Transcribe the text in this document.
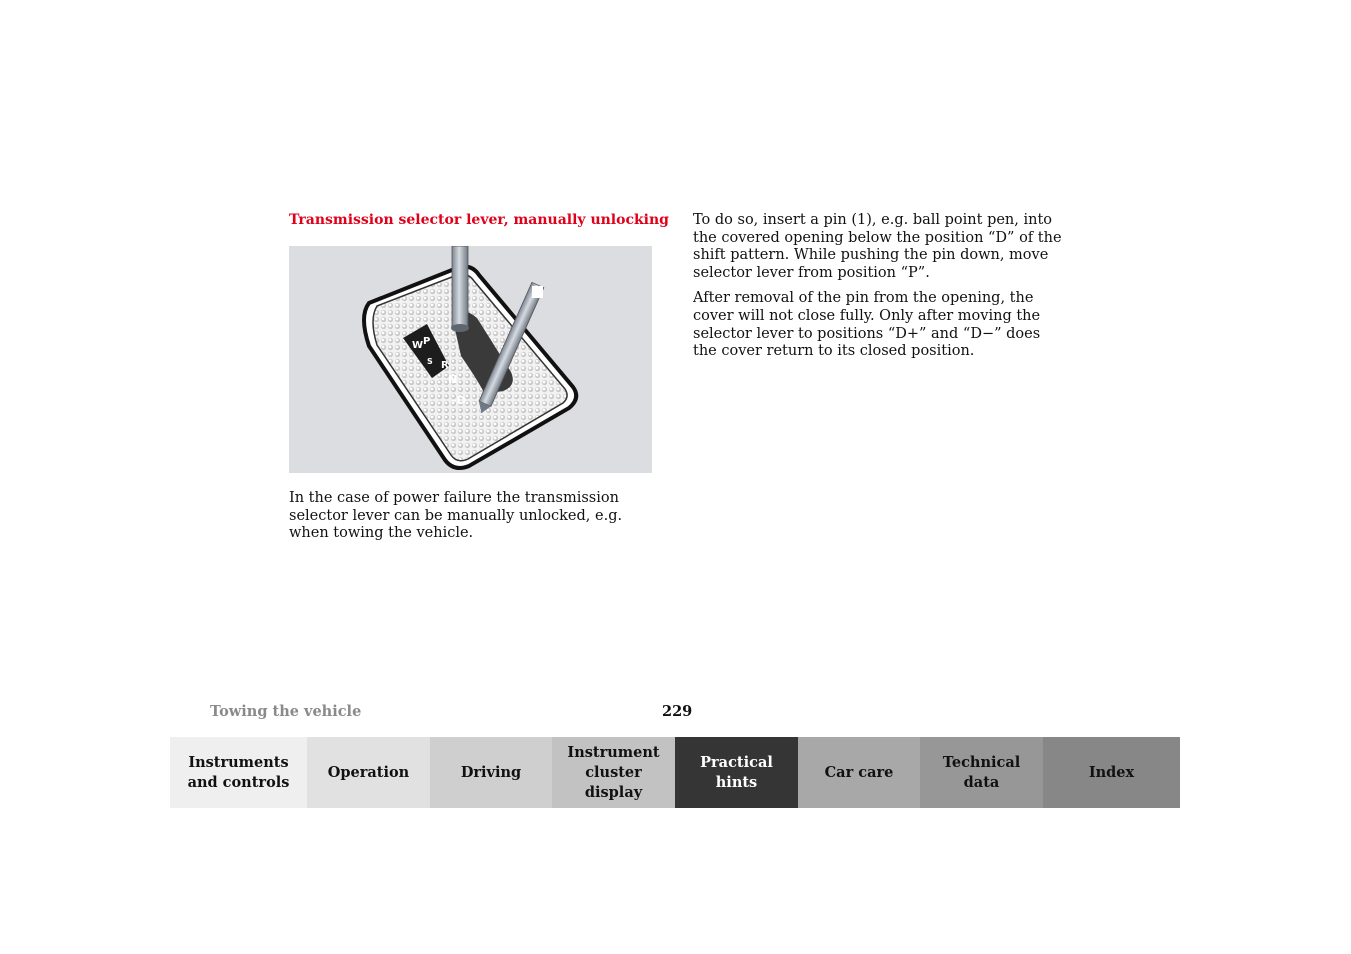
Transmission selector lever, manually unlocking
W P
S R
N
-D

In the case of power failure the transmission selector lever can be manually unlocked, e.g. when towing the vehicle.

To do so, insert a pin (1), e.g. ball point pen, into the covered opening below the position “D” of the shift pattern. While pushing the pin down, move selector lever from position “P”.

After removal of the pin from the opening, the cover will not close fully. Only after moving the selector lever to positions “D+” and “D−” does the cover return to its closed position.

Towing the vehicle	229
Instruments
and controls
Operation	Driving
Instrument
cluster display
Practical hints
Car care
Technical
data
Index
